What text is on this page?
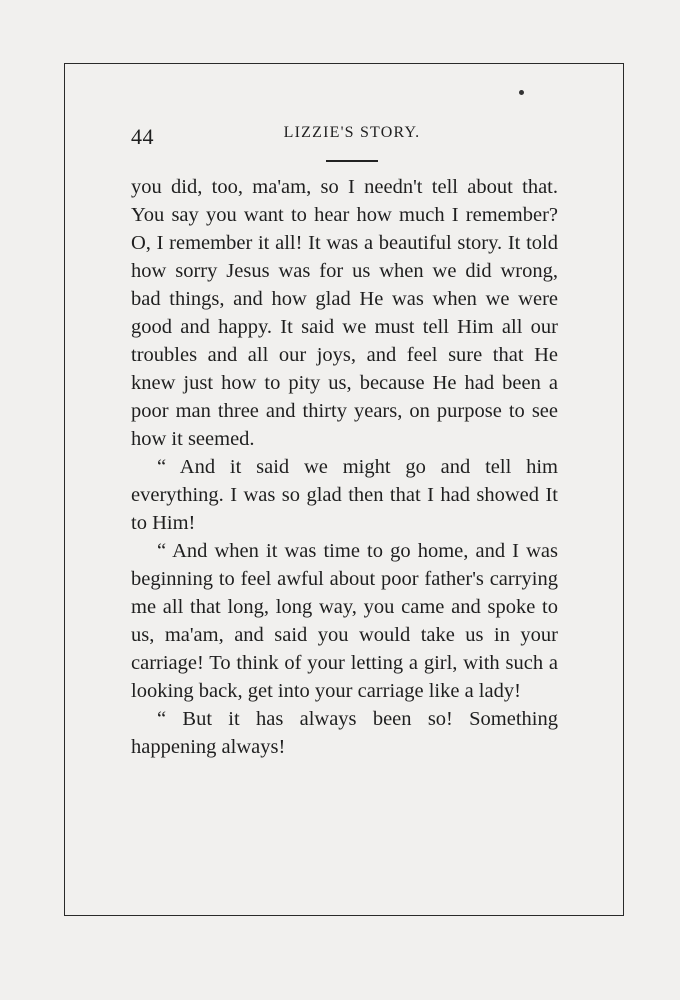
44	LIZZIE'S STORY.

you did, too, ma'am, so I needn't tell about that. You say you want to hear how much I remember? O, I remember it all! It was a beautiful story. It told how sorry Jesus was for us when we did wrong, bad things, and how glad He was when we were good and happy. It said we must tell Him all our troubles and all our joys, and feel sure that He knew just how to pity us, because He had been a poor man three and thirty years, on purpose to see how it seemed.

“ And it said we might go and tell him everything. I was so glad then that I had showed It to Him!

“ And when it was time to go home, and I was beginning to feel awful about poor father's carrying me all that long, long way, you came and spoke to us, ma'am, and said you would take us in your carriage! To think of your letting a girl, with such a looking back, get into your carriage like a lady!

“ But it has always been so! Something happening always!
